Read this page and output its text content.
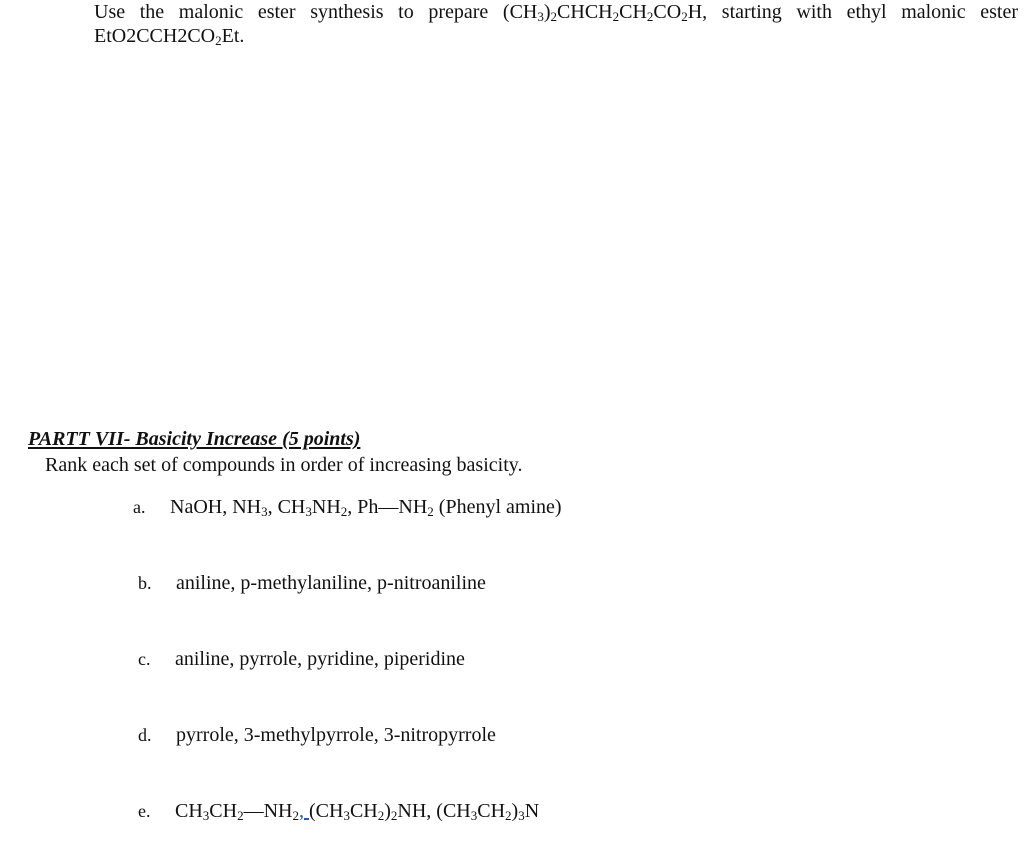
Use the malonic ester synthesis to prepare $(CH_3)_2CHCH_2CH_2CO_2H$, starting with ethyl malonic ester
$EtO2CCH2CO_2Et$.
PARTT VII- Basicity Increase (5 points)
Rank each set of compounds in order of increasing basicity.
a. NaOH, $NH_3$, $CH_3NH_2$, $Ph—NH_2$ (Phenyl amine)
b. aniline, p-methylaniline, p-nitroaniline
c. aniline, pyrrole, pyridine, piperidine
d. pyrrole, 3-methylpyrrole, 3-nitropyrrole
e. $CH_3CH_2—NH_2$, $(CH_3CH_2)_2NH$, $(CH_3CH_2)_3N$
